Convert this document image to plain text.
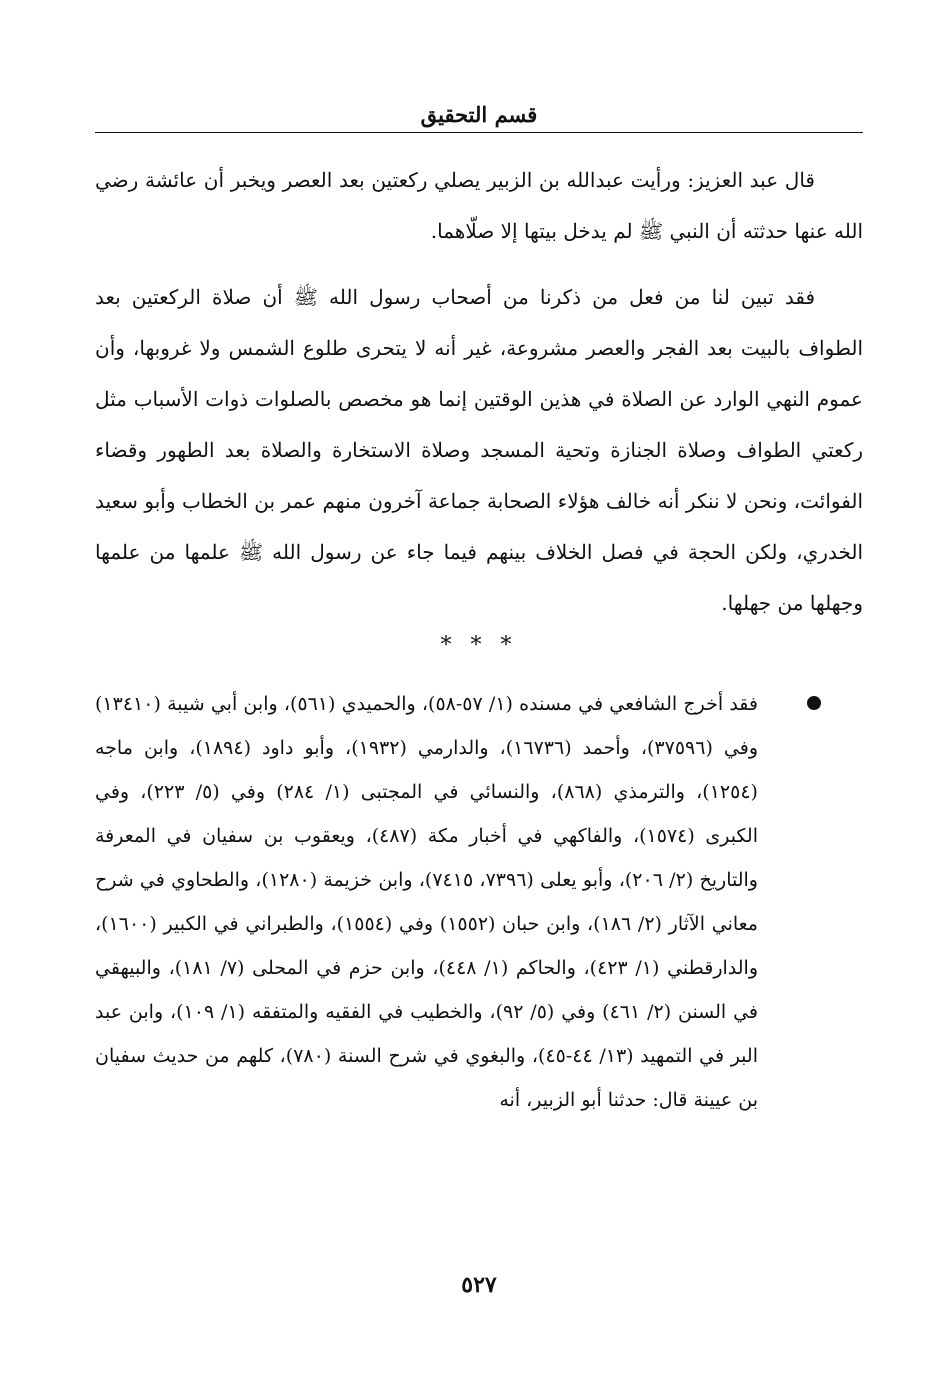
قسم التحقيق

قال عبد العزيز: ورأيت عبدالله بن الزبير يصلي ركعتين بعد العصر ويخبر أن عائشة رضي الله عنها حدثته أن النبي ﷺ لم يدخل بيتها إلا صلّاهما.

فقد تبين لنا من فعل من ذكرنا من أصحاب رسول الله ﷺ أن صلاة الركعتين بعد الطواف بالبيت بعد الفجر والعصر مشروعة، غير أنه لا يتحرى طلوع الشمس ولا غروبها، وأن عموم النهي الوارد عن الصلاة في هذين الوقتين إنما هو مخصص بالصلوات ذوات الأسباب مثل ركعتي الطواف وصلاة الجنازة وتحية المسجد وصلاة الاستخارة والصلاة بعد الطهور وقضاء الفوائت، ونحن لا ننكر أنه خالف هؤلاء الصحابة جماعة آخرون منهم عمر بن الخطاب وأبو سعيد الخدري، ولكن الحجة في فصل الخلاف بينهم فيما جاء عن رسول الله ﷺ علمها من علمها وجهلها من جهلها.

* * *

فقد أخرج الشافعي في مسنده (١/ ٥٧-٥٨)، والحميدي (٥٦١)، وابن أبي شيبة (١٣٤١٠) وفي (٣٧٥٩٦)، وأحمد (١٦٧٣٦)، والدارمي (١٩٣٢)، وأبو داود (١٨٩٤)، وابن ماجه (١٢٥٤)، والترمذي (٨٦٨)، والنسائي في المجتبى (١/ ٢٨٤) وفي (٥/ ٢٢٣)، وفي الكبرى (١٥٧٤)، والفاكهي في أخبار مكة (٤٨٧)، ويعقوب بن سفيان في المعرفة والتاريخ (٢/ ٢٠٦)، وأبو يعلى (٧٣٩٦، ٧٤١٥)، وابن خزيمة (١٢٨٠)، والطحاوي في شرح معاني الآثار (٢/ ١٨٦)، وابن حبان (١٥٥٢) وفي (١٥٥٤)، والطبراني في الكبير (١٦٠٠)، والدارقطني (١/ ٤٢٣)، والحاكم (١/ ٤٤٨)، وابن حزم في المحلى (٧/ ١٨١)، والبيهقي في السنن (٢/ ٤٦١) وفي (٥/ ٩٢)، والخطيب في الفقيه والمتفقه (١/ ١٠٩)، وابن عبد البر في التمهيد (١٣/ ٤٤-٤٥)، والبغوي في شرح السنة (٧٨٠)، كلهم من حديث سفيان بن عيينة قال: حدثنا أبو الزبير، أنه

٥٢٧
